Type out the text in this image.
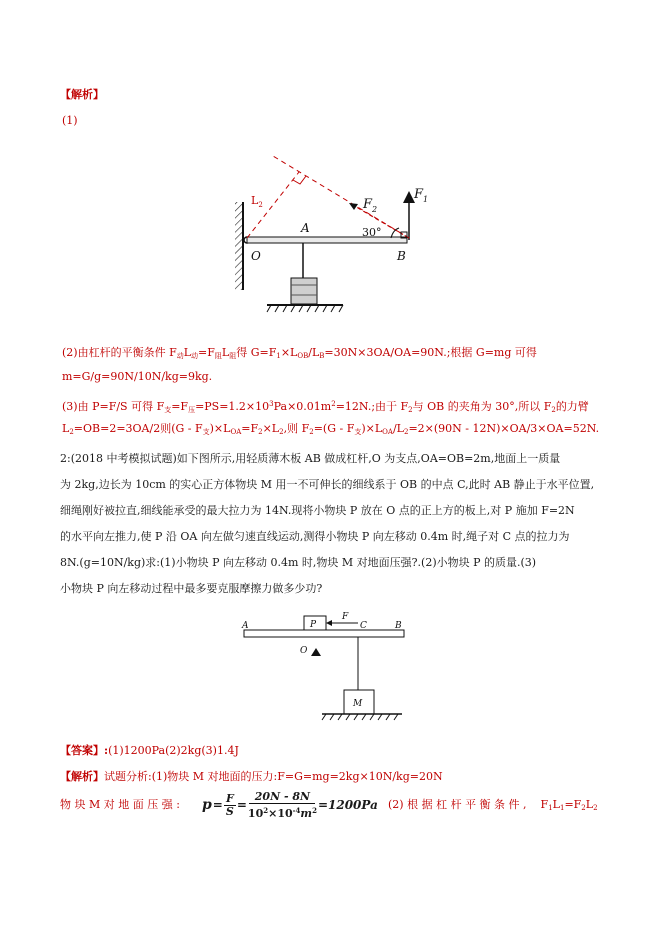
【解析】
(1)
$L_2$	$F_2$
$F_1$
A
O	B
30°
(2)由杠杆的平衡条件 $F_动L_动=F_阻L_阻$得 $G=F_1\times L_{OB}/L_B=30N\times 3OA/OA=90N$.;根据 G=mg 可得
m=G/g=90N/10N/kg=9kg.
(3)由 P=F/S 可得 $F_支=F_压=PS=1.2\times 10^3Pa\times 0.01m^2=12N$.;由于 $F_2$与 OB 的夹角为 30°,所以 $F_2$的力臂
$L_2=OB=2=3OA/2$则$(G - F_支)\times L_{OA}=F_2\times L_2$,则 $F_2=(G - F_支)\times L_{OA}/L_2=2\times(90N - 12N)\times OA/3\times OA=52N$.
2:(2018 中考模拟试题)如下图所示,用轻质薄木板 AB 做成杠杆,O 为支点,OA=OB=2m,地面上一质量
为 2kg,边长为 10cm 的实心正方体物块 M 用一不可伸长的细线系于 OB 的中点 C,此时 AB 静止于水平位置,
细绳刚好被拉直,细线能承受的最大拉力为 14N.现将小物块 P 放在 O 点的正上方的板上,对 P 施加 F=2N
的水平向左推力,使 P 沿 OA 向左做匀速直线运动,测得小物块 P 向左移动 0.4m 时,绳子对 C 点的拉力为
8N.(g=10N/kg)求:(1)小物块 P 向左移动 0.4m 时,物块 M 对地面压强?.(2)小物块 P 的质量.(3)
小物块 P 向左移动过程中最多要克服摩擦力做多少功?
A	B
P
F
C
O
M
【答案】:(1)1200Pa(2)2kg(3)1.4J
【解析】试题分析:(1)物块 M 对地面的压力:F=G=mg=2kg×10N/kg=20N
物 块 M 对 地 面 压 强 : p = F
S =
20N - 8N
$10^2\times 10^{-4}m^2 =1200Pa$ (2) 根 据 杠 杆 平 衡 条 件 , $F_1L_1=F_2L_2$
